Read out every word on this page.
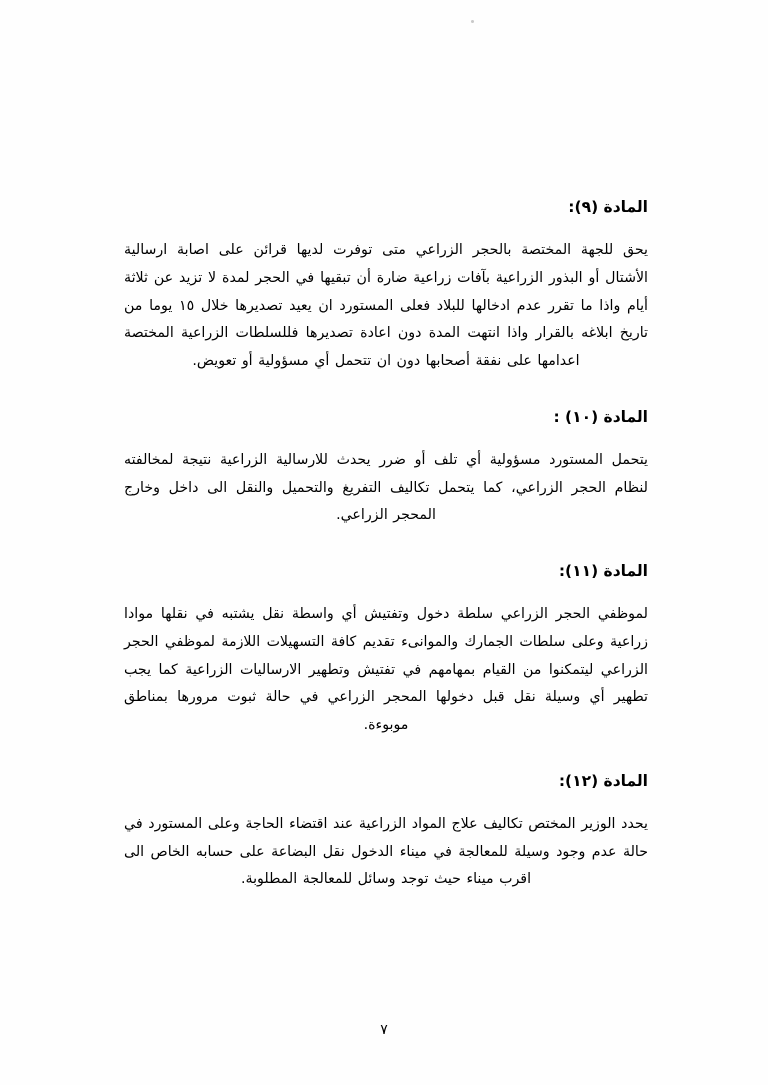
المادة (٩):

يحق للجهة المختصة بالحجر الزراعي متى توفرت لديها قرائن على اصابة ارسالية الأشتال أو البذور الزراعية بآفات زراعية ضارة أن تبقيها في الحجر لمدة لا تزيد عن ثلاثة أيام واذا ما تقرر عدم ادخالها للبلاد فعلى المستورد ان يعيد تصديرها خلال ١٥ يوما من تاريخ ابلاغه بالقرار واذا انتهت المدة دون اعادة تصديرها فللسلطات الزراعية المختصة اعدامها على نفقة أصحابها دون ان تتحمل أي مسؤولية أو تعويض.

المادة (١٠) :

يتحمل المستورد مسؤولية أي تلف أو ضرر يحدث للارسالية الزراعية نتيجة لمخالفته لنظام الحجر الزراعي، كما يتحمل تكاليف التفريغ والتحميل والنقل الى داخل وخارج المحجر الزراعي.

المادة (١١):

لموظفي الحجر الزراعي سلطة دخول وتفتيش أي واسطة نقل يشتبه في نقلها موادا زراعية وعلى سلطات الجمارك والموانىء تقديم كافة التسهيلات اللازمة لموظفي الحجر الزراعي ليتمكنوا من القيام بمهامهم في تفتيش وتطهير الارساليات الزراعية كما يجب تطهير أي وسيلة نقل قبل دخولها المحجر الزراعي في حالة ثبوت مرورها بمناطق موبوءة.

المادة (١٢):

يحدد الوزير المختص تكاليف علاج المواد الزراعية عند اقتضاء الحاجة وعلى المستورد في حالة عدم وجود وسيلة للمعالجة في ميناء الدخول نقل البضاعة على حسابه الخاص الى اقرب ميناء حيث توجد وسائل للمعالجة المطلوبة.

٧
